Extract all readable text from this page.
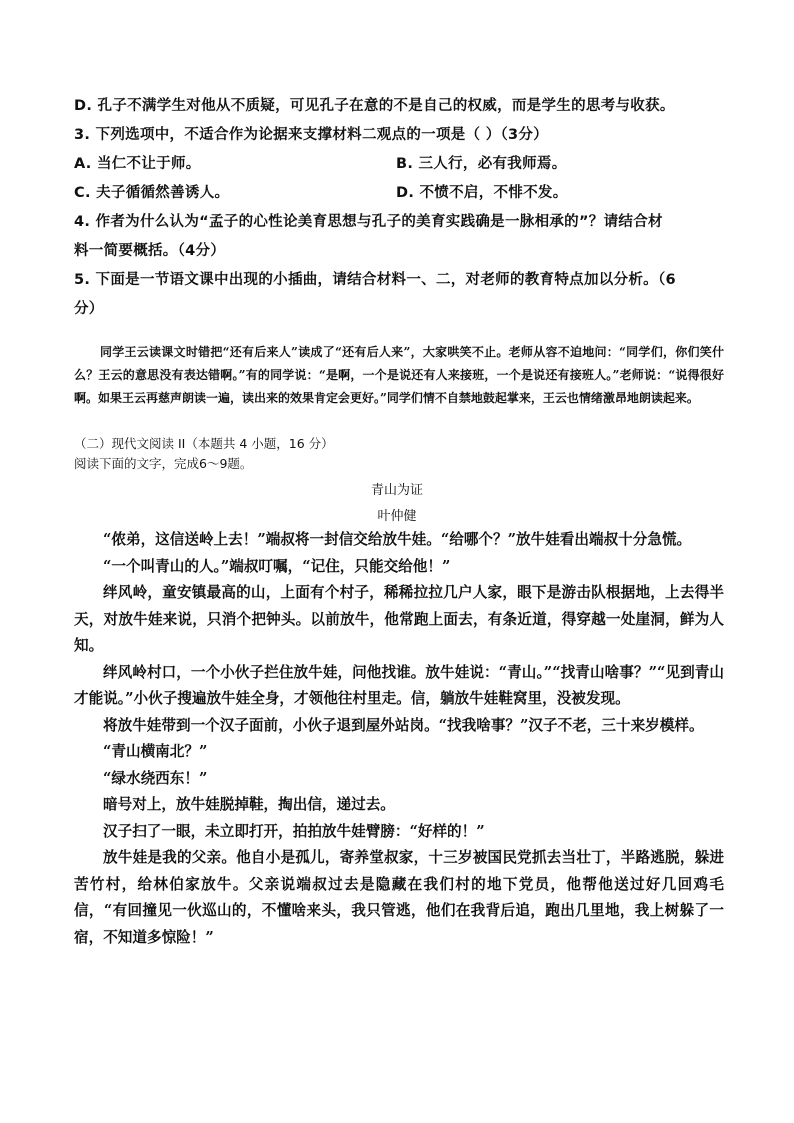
D. 孔子不满学生对他从不质疑，可见孔子在意的不是自己的权威，而是学生的思考与收获。
3. 下列选项中，不适合作为论据来支撑材料二观点的一项是（ ）（3分）
A. 当仁不让于师。	B. 三人行，必有我师焉。
C. 夫子循循然善诱人。	D. 不愤不启，不悱不发。
4. 作者为什么认为“孟子的心性论美育思想与孔子的美育实践确是一脉相承的”？请结合材
料一简要概括。（4分）
5. 下面是一节语文课中出现的小插曲，请结合材料一、二，对老师的教育特点加以分析。（6
分）

同学王云读课文时错把“还有后来人”读成了“还有后人来”，大家哄笑不止。老师从容不迫地问：“同学们，你们笑什么？王云的意思没有表达错啊。”有的同学说：“是啊，一个是说还有人来接班，一个是说还有接班人。”老师说：“说得很好啊。如果王云再慈声朗读一遍，读出来的效果肯定会更好。”同学们情不自禁地鼓起掌来，王云也情绪激昂地朗读起来。

（二）现代文阅读 II（本题共 4 小题，16 分）
阅读下面的文字，完成6～9题。
青山为证
叶仲健

“侬弟，这信送岭上去！”端叔将一封信交给放牛娃。“给哪个？”放牛娃看出端叔十分急慌。

“一个叫青山的人。”端叔叮嘱，“记住，只能交给他！”

绊风岭，童安镇最高的山，上面有个村子，稀稀拉拉几户人家，眼下是游击队根据地，上去得半天，对放牛娃来说，只消个把钟头。以前放牛，他常跑上面去，有条近道，得穿越一处崖洞，鲜为人知。

绊风岭村口，一个小伙子拦住放牛娃，问他找谁。放牛娃说：“青山。”“找青山啥事？”“见到青山才能说。”小伙子搜遍放牛娃全身，才领他往村里走。信，躺放牛娃鞋窝里，没被发现。

将放牛娃带到一个汉子面前，小伙子退到屋外站岗。“找我啥事？”汉子不老，三十来岁模样。

“青山横南北？”

“绿水绕西东！”

暗号对上，放牛娃脱掉鞋，掏出信，递过去。

汉子扫了一眼，未立即打开，拍拍放牛娃臂膀：“好样的！”

放牛娃是我的父亲。他自小是孤儿，寄养堂叔家，十三岁被国民党抓去当壮丁，半路逃脱，躲进苦竹村，给林伯家放牛。父亲说端叔过去是隐藏在我们村的地下党员，他帮他送过好几回鸡毛信，“有回撞见一伙巡山的，不懂啥来头，我只管逃，他们在我背后追，跑出几里地，我上树躲了一宿，不知道多惊险！”
